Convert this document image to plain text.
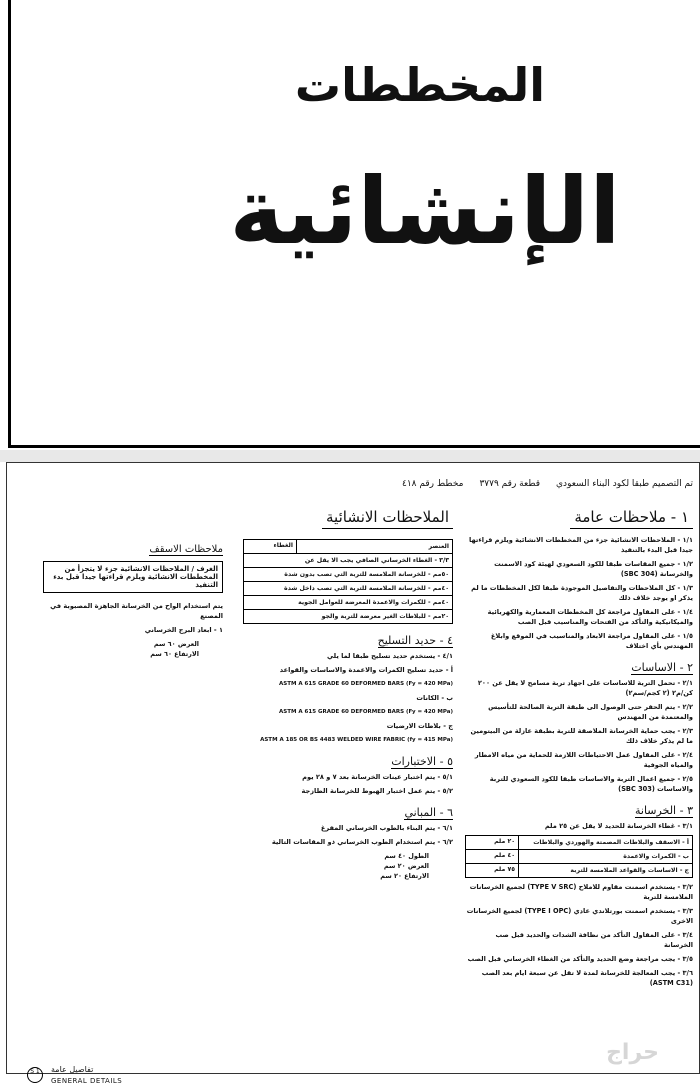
المخططات
الإنشائية
تم التصميم طبقا لكود البناء السعودي
قطعة رقم ٣٧٧٩
مخطط رقم ٤١٨
١ - ملاحظات عامة

١/١ - الملاحظات الانشائية جزء من المخططات الانشائية ويلزم قراءتها جيدا قبل البدء بالتنفيذ

١/٢ - جميع المقاسات طبقا للكود السعودي لهيئة كود الاسمنت والخرسانة (SBC 304)

١/٣ - كل الملاحظات والتفاصيل الموجودة طبقا لكل المخططات ما لم يذكر او يوجد خلاف ذلك

١/٤ - على المقاول مراجعة كل المخططات المعمارية والكهربائية والميكانيكية والتأكد من الفتحات والمناسيب قبل الصب

١/٥ - على المقاول مراجعة الابعاد والمناسيب في الموقع وابلاغ المهندس بأي اختلاف

٢ - الاساسات

٢/١ - تحمل التربة للاساسات على اجهاد تربة مسامح لا يقل عن ٢٠٠ كن/م٢ (٢ كجم/سم٢)

٢/٢ - يتم الحفر حتى الوصول الى طبقة التربة الصالحة للتأسيس والمعتمدة من المهندس

٢/٣ - يجب حماية الخرسانة الملاصقة للتربة بطبقة عازلة من البيتومين ما لم يذكر خلاف ذلك

٢/٤ - على المقاول عمل الاحتياطات اللازمة للحماية من مياه الامطار والمياه الجوفية

٢/٥ - جميع اعمال التربة والاساسات طبقا للكود السعودي للتربة والاساسات (SBC 303)

٣ - الخرسانة

٣/١ - غطاء الخرسانة للحديد لا يقل عن ٢٥ ملم

أ - الاسقف والبلاطات المصمتة والهوردي والبلاطات
٢٠ ملم
ب - الكمرات والاعمدة
٤٠ ملم
ج - الاساسات والقواعد الملامسة للتربة
٧٥ ملم

٣/٢ - يستخدم اسمنت مقاوم للاملاح (TYPE V SRC) لجميع الخرسانات الملامسة للتربة

٣/٣ - يستخدم اسمنت بورتلاندي عادي (TYPE I OPC) لجميع الخرسانات الاخرى

٣/٤ - على المقاول التأكد من نظافة الشدات والحديد قبل صب الخرسانة

٣/٥ - يجب مراجعة وضع الحديد والتأكد من الغطاء الخرساني قبل الصب

٣/٦ - يجب المعالجة للخرسانة لمدة لا تقل عن سبعة ايام بعد الصب (ASTM C31)

الملاحظات الانشائية
العنصر
الغطاء
٣/٣ - الغطاء الخرساني الصافي يجب الا يقل عن
٥٠مم - للخرسانة الملامسة للتربة التي تصب بدون شدة
٤٠مم - للخرسانة الملامسة للتربة التي تصب داخل شدة
٤٠مم - للكمرات والاعمدة المعرضة للعوامل الجوية
٢٠مم - للبلاطات الغير معرضة للتربة والجو
٤ - حديد التسليح

٤/١ - يستخدم حديد تسليح طبقا لما يلي

أ - حديد تسليح الكمرات والاعمدة والاساسات والقواعد

ASTM A 615 GRADE 60 DEFORMED BARS (Fy = 420 MPa)

ب - الكانات

ASTM A 615 GRADE 60 DEFORMED BARS (Fy = 420 MPa)

ج - بلاطات الارضيات

ASTM A 185 OR BS 4483 WELDED WIRE FABRIC (fy = 415 MPa)

٥ - الاختبارات

٥/١ - يتم اختبار عينات الخرسانة بعد ٧ و ٢٨ يوم

٥/٢ - يتم عمل اختبار الهبوط للخرسانة الطازجة

٦ - المباني

٦/١ - يتم البناء بالطوب الخرساني المفرغ

٦/٢ - يتم استخدام الطوب الخرساني ذو المقاسات التالية

الطول ٤٠ سم
العرض ٢٠ سم
الارتفاع ٢٠ سم
ملاحظات الاسقف
الغرف / الملاحظات الانشائية جزء لا يتجزأ من المخططات الانشائية ويلزم قراءتها جيدا قبل بدء التنفيذ

يتم استخدام الواح من الخرسانة الجاهزة المصبوبة في المصنع

١ - ابعاد البرج الخرساني

العرض ٦٠ سم
الارتفاع ٦٠ سم
S 1	تفاصيل عامة
GENERAL DETAILS
حراج
